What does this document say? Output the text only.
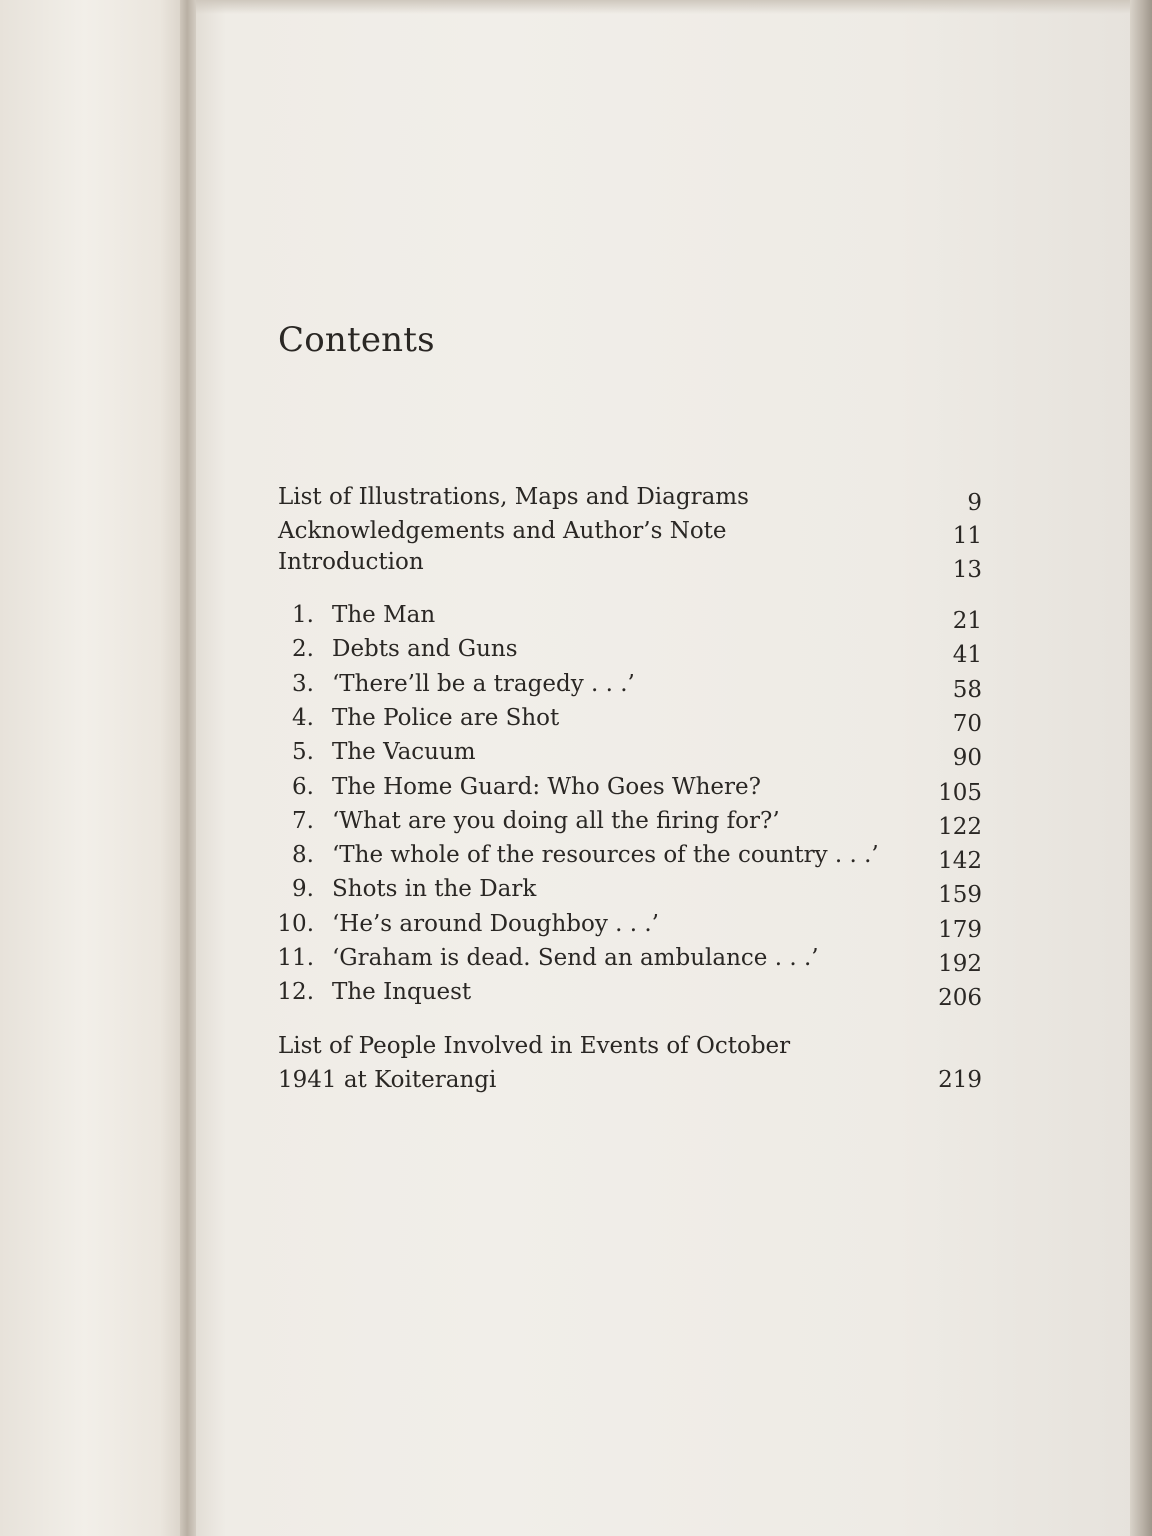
Contents
List of Illustrations, Maps and Diagrams	9
Acknowledgements and Author’s Note	11
Introduction	13
1. The Man	21
2. Debts and Guns	41
3. ‘There’ll be a tragedy . . .’	58
4. The Police are Shot	70
5. The Vacuum	90
6. The Home Guard: Who Goes Where?	105
7. ‘What are you doing all the firing for?’	122
8. ‘The whole of the resources of the country . . .’	142
9. Shots in the Dark	159
10. ‘He’s around Doughboy . . .’	179
11. ‘Graham is dead. Send an ambulance . . .’	192
12. The Inquest	206
List of People Involved in Events of October
1941 at Koiterangi	219
